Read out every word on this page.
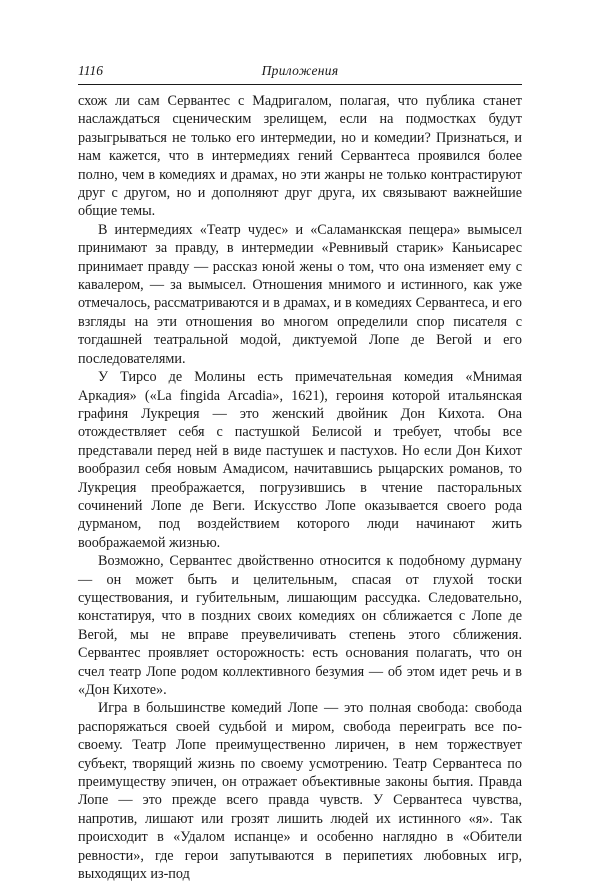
1116	Приложения

схож ли сам Сервантес с Мадригалом, полагая, что публика станет наслаждаться сценическим зрелищем, если на подмостках будут разыгрываться не только его интермедии, но и комедии? Признаться, и нам кажется, что в интермедиях гений Сервантеса проявился более полно, чем в комедиях и драмах, но эти жанры не только контрастируют друг с другом, но и дополняют друг друга, их связывают важнейшие общие темы.

В интермедиях «Театр чудес» и «Саламанкская пещера» вымысел принимают за правду, в интермедии «Ревнивый старик» Каньисарес принимает правду — рассказ юной жены о том, что она изменяет ему с кавалером, — за вымысел. Отношения мнимого и истинного, как уже отмечалось, рассматриваются и в драмах, и в комедиях Сервантеса, и его взгляды на эти отношения во многом определили спор писателя с тогдашней театральной модой, диктуемой Лопе де Вегой и его последователями.

У Тирсо де Молины есть примечательная комедия «Мнимая Аркадия» («La fingida Arcadia», 1621), героиня которой итальянская графиня Лукреция — это женский двойник Дон Кихота. Она отождествляет себя с пастушкой Белисой и требует, чтобы все представали перед ней в виде пастушек и пастухов. Но если Дон Кихот вообразил себя новым Амадисом, начитавшись рыцарских романов, то Лукреция преображается, погрузившись в чтение пасторальных сочинений Лопе де Веги. Искусство Лопе оказывается своего рода дурманом, под воздействием которого люди начинают жить воображаемой жизнью.

Возможно, Сервантес двойственно относится к подобному дурману — он может быть и целительным, спасая от глухой тоски существования, и губительным, лишающим рассудка. Следовательно, констатируя, что в поздних своих комедиях он сближается с Лопе де Вегой, мы не вправе преувеличивать степень этого сближения. Сервантес проявляет осторожность: есть основания полагать, что он счел театр Лопе родом коллективного безумия — об этом идет речь и в «Дон Кихоте».

Игра в большинстве комедий Лопе — это полная свобода: свобода распоряжаться своей судьбой и миром, свобода переиграть все по-своему. Театр Лопе преимущественно лиричен, в нем торжествует субъект, творящий жизнь по своему усмотрению. Театр Сервантеса по преимуществу эпичен, он отражает объективные законы бытия. Правда Лопе — это прежде всего правда чувств. У Сервантеса чувства, напротив, лишают или грозят лишить людей их истинного «я». Так происходит в «Удалом испанце» и особенно наглядно в «Обители ревности», где герои запутываются в перипетиях любовных игр, выходящих из-под
